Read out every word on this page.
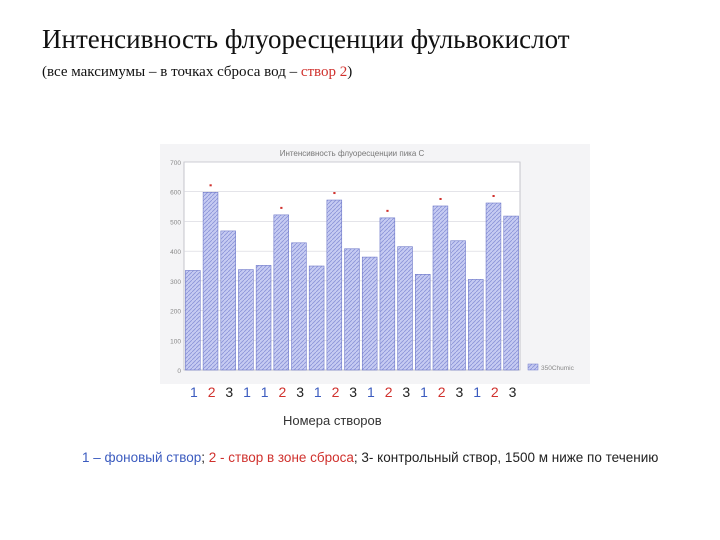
Интенсивность флуоресценции фульвокислот
(все максимумы – в точках сброса вод – створ 2)
Интенсивность флуоресценции пика С
0
100
200
300
400
500
600
700
350Chumic
1 2 3 1 1 2 3 1 2 3 1 2 3 1 2 3 1 2 3
Номера створов
1 – фоновый створ; 2 - створ в зоне сброса; 3- контрольный створ, 1500 м ниже по течению
